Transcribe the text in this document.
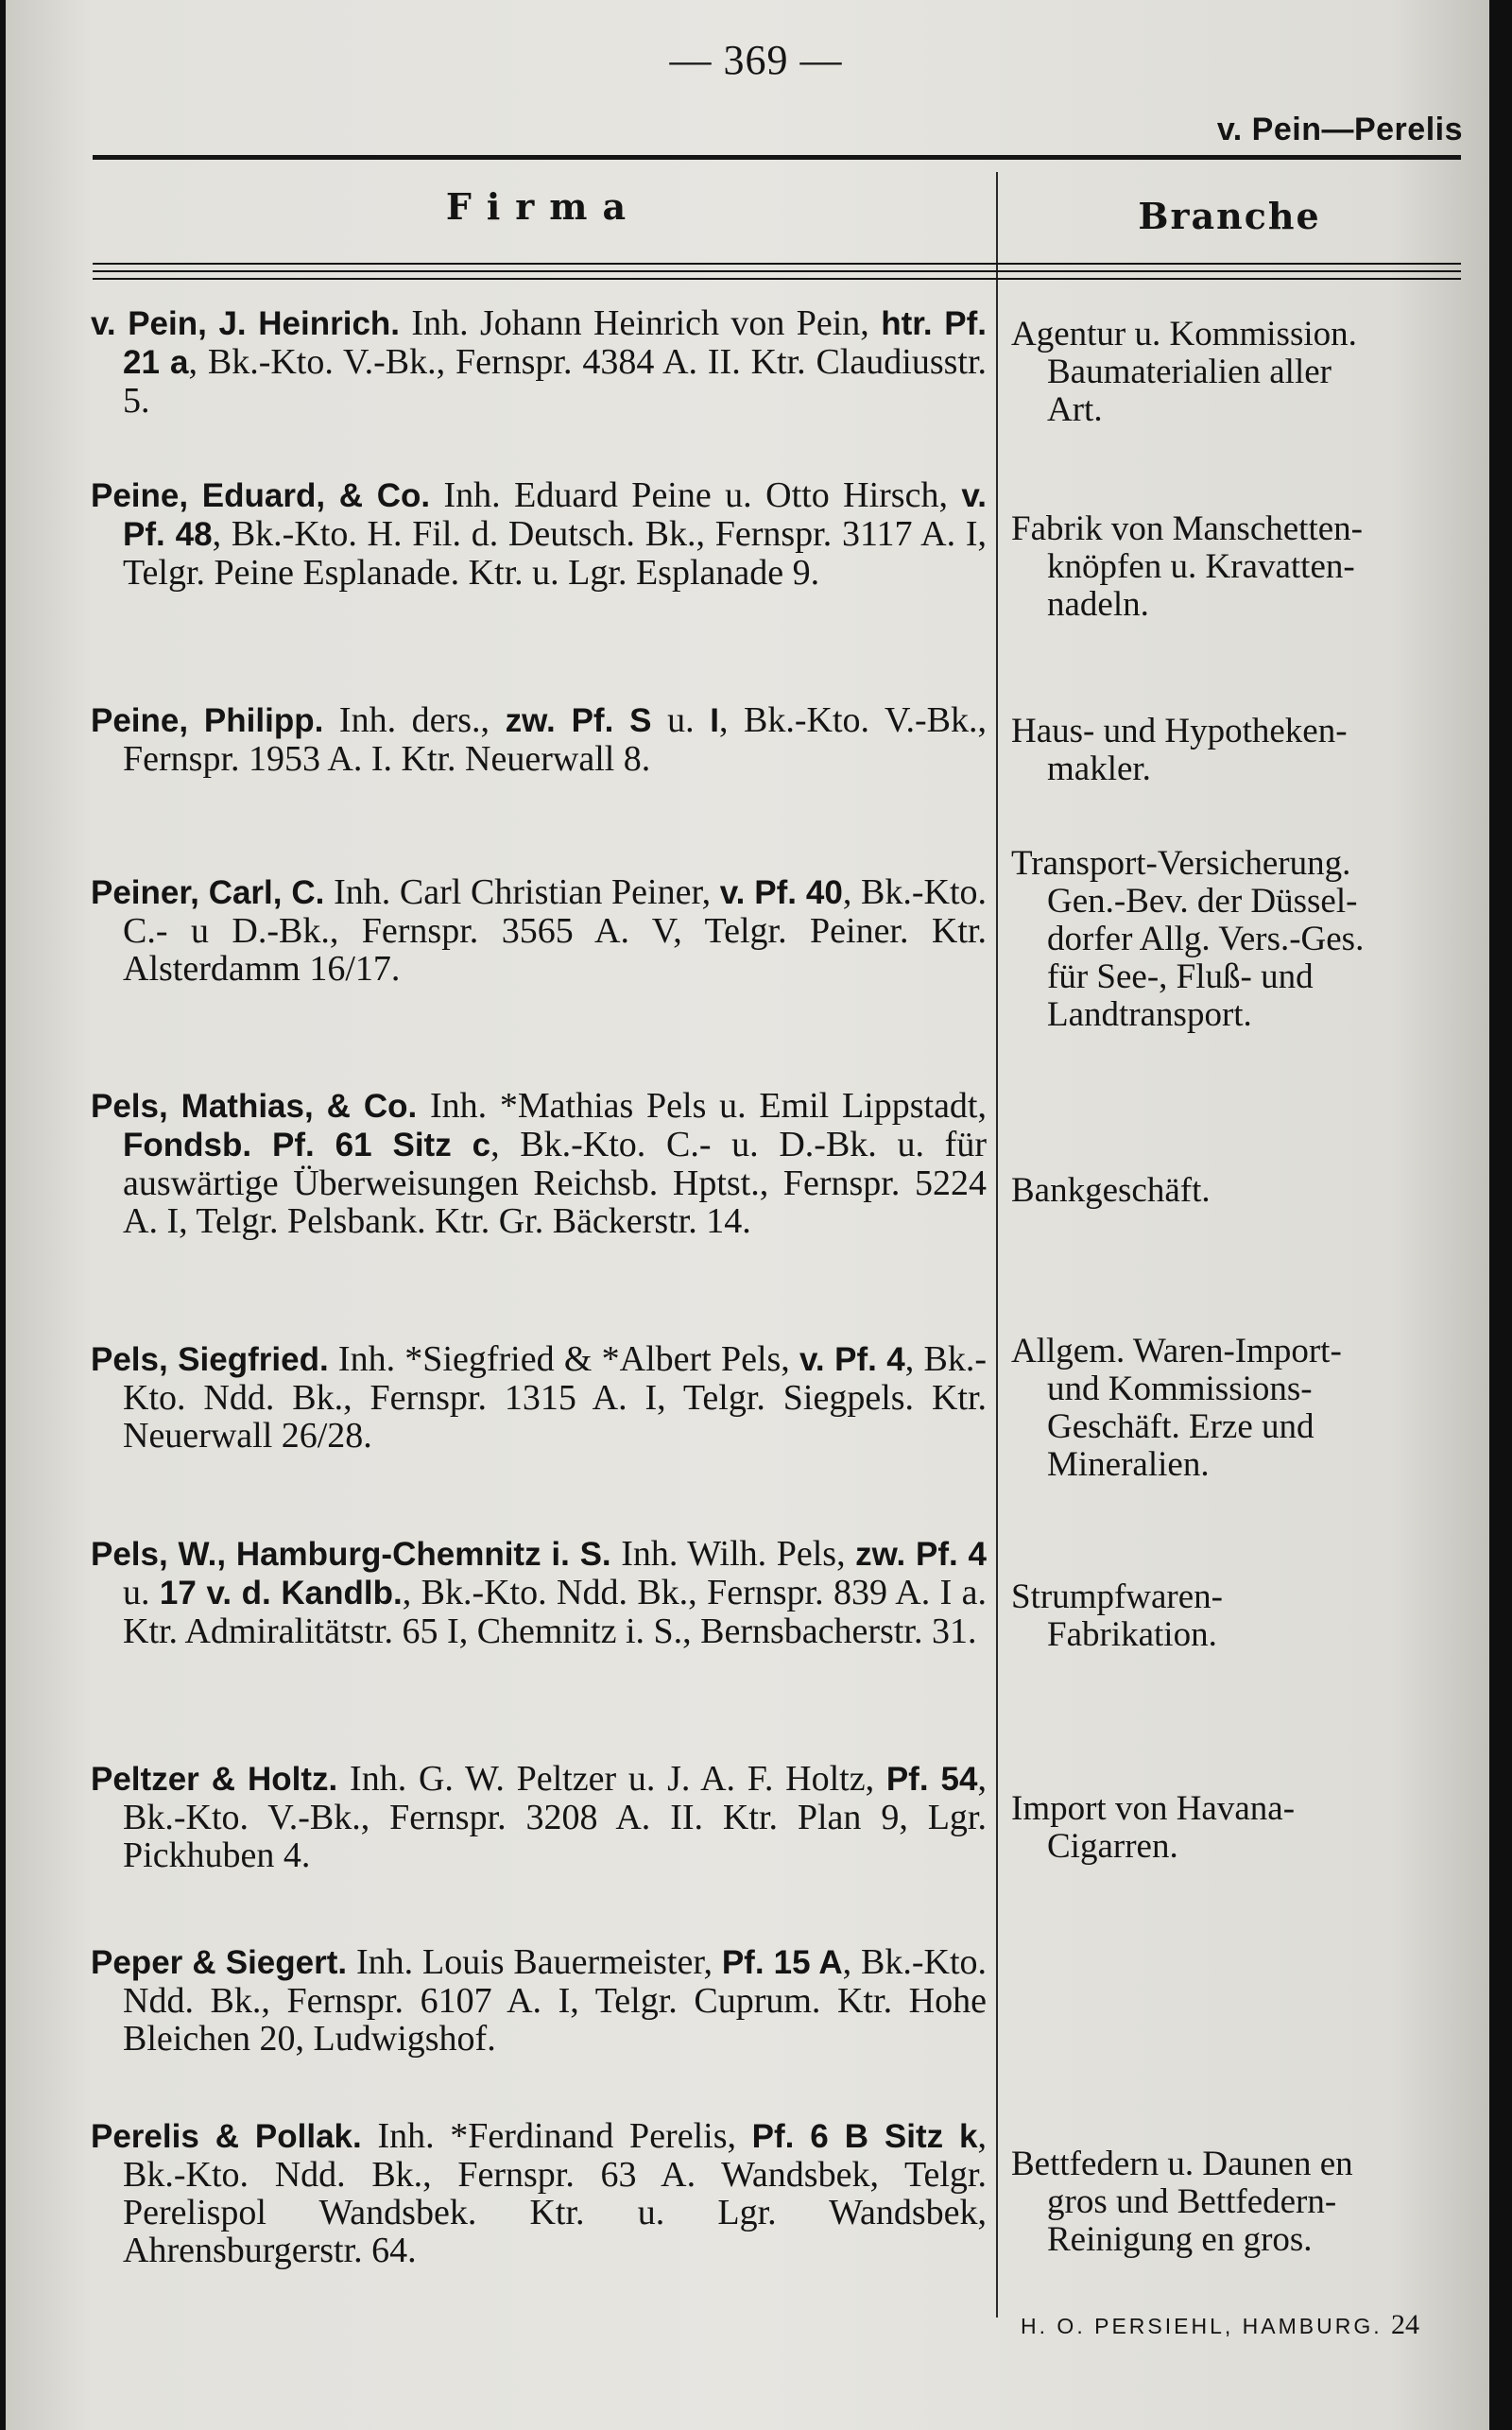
— 369 —
v. Pein—Perelis
Firma	Branche
v. Pein, J. Heinrich. Inh. Johann Heinrich von Pein, htr. Pf. 21 a, Bk.-Kto. V.-Bk., Fernspr. 4384 A. II. Ktr. Claudiusstr. 5.
Agentur u. Kommission.
Baumaterialien aller
Art.
Peine, Eduard, & Co. Inh. Eduard Peine u. Otto Hirsch, v. Pf. 48, Bk.-Kto. H. Fil. d. Deutsch. Bk., Fernspr. 3117 A. I, Telgr. Peine Esplanade. Ktr. u. Lgr. Esplanade 9.
Fabrik von Manschetten-
knöpfen u. Kravatten-
nadeln.
Peine, Philipp. Inh. ders., zw. Pf. S u. I, Bk.-Kto. V.-Bk., Fernspr. 1953 A. I. Ktr. Neuerwall 8.
Haus- und Hypotheken-
makler.
Peiner, Carl, C. Inh. Carl Christian Peiner, v. Pf. 40, Bk.-Kto. C.- u D.-Bk., Fernspr. 3565 A. V, Telgr. Peiner. Ktr. Alsterdamm 16/17.
Transport-Versicherung.
Gen.-Bev. der Düssel-
dorfer Allg. Vers.-Ges.
für See-, Fluß- und
Landtransport.
Pels, Mathias, & Co. Inh. *Mathias Pels u. Emil Lippstadt, Fondsb. Pf. 61 Sitz c, Bk.-Kto. C.- u. D.-Bk. u. für auswärtige Überweisungen Reichsb. Hptst., Fernspr. 5224 A. I, Telgr. Pelsbank. Ktr. Gr. Bäckerstr. 14.
Bankgeschäft.
Pels, Siegfried. Inh. *Siegfried & *Albert Pels, v. Pf. 4, Bk.-Kto. Ndd. Bk., Fernspr. 1315 A. I, Telgr. Siegpels. Ktr. Neuerwall 26/28.
Allgem. Waren-Import-
und Kommissions-
Geschäft. Erze und
Mineralien.
Pels, W., Hamburg-Chemnitz i. S. Inh. Wilh. Pels, zw. Pf. 4 u. 17 v. d. Kandlb., Bk.-Kto. Ndd. Bk., Fernspr. 839 A. I a. Ktr. Admiralitätstr. 65 I, Chemnitz i. S., Bernsbacherstr. 31.
Strumpfwaren-
Fabrikation.
Peltzer & Holtz. Inh. G. W. Peltzer u. J. A. F. Holtz, Pf. 54, Bk.-Kto. V.-Bk., Fernspr. 3208 A. II. Ktr. Plan 9, Lgr. Pickhuben 4.
Import von Havana-
Cigarren.
Peper & Siegert. Inh. Louis Bauermeister, Pf. 15 A, Bk.-Kto. Ndd. Bk., Fernspr. 6107 A. I, Telgr. Cuprum. Ktr. Hohe Bleichen 20, Ludwigshof.
Perelis & Pollak. Inh. *Ferdinand Perelis, Pf. 6 B Sitz k, Bk.-Kto. Ndd. Bk., Fernspr. 63 A. Wandsbek, Telgr. Perelispol Wandsbek. Ktr. u. Lgr. Wandsbek, Ahrensburgerstr. 64.
Bettfedern u. Daunen en
gros und Bettfedern-
Reinigung en gros.
H. O. PERSIEHL, HAMBURG. 24
